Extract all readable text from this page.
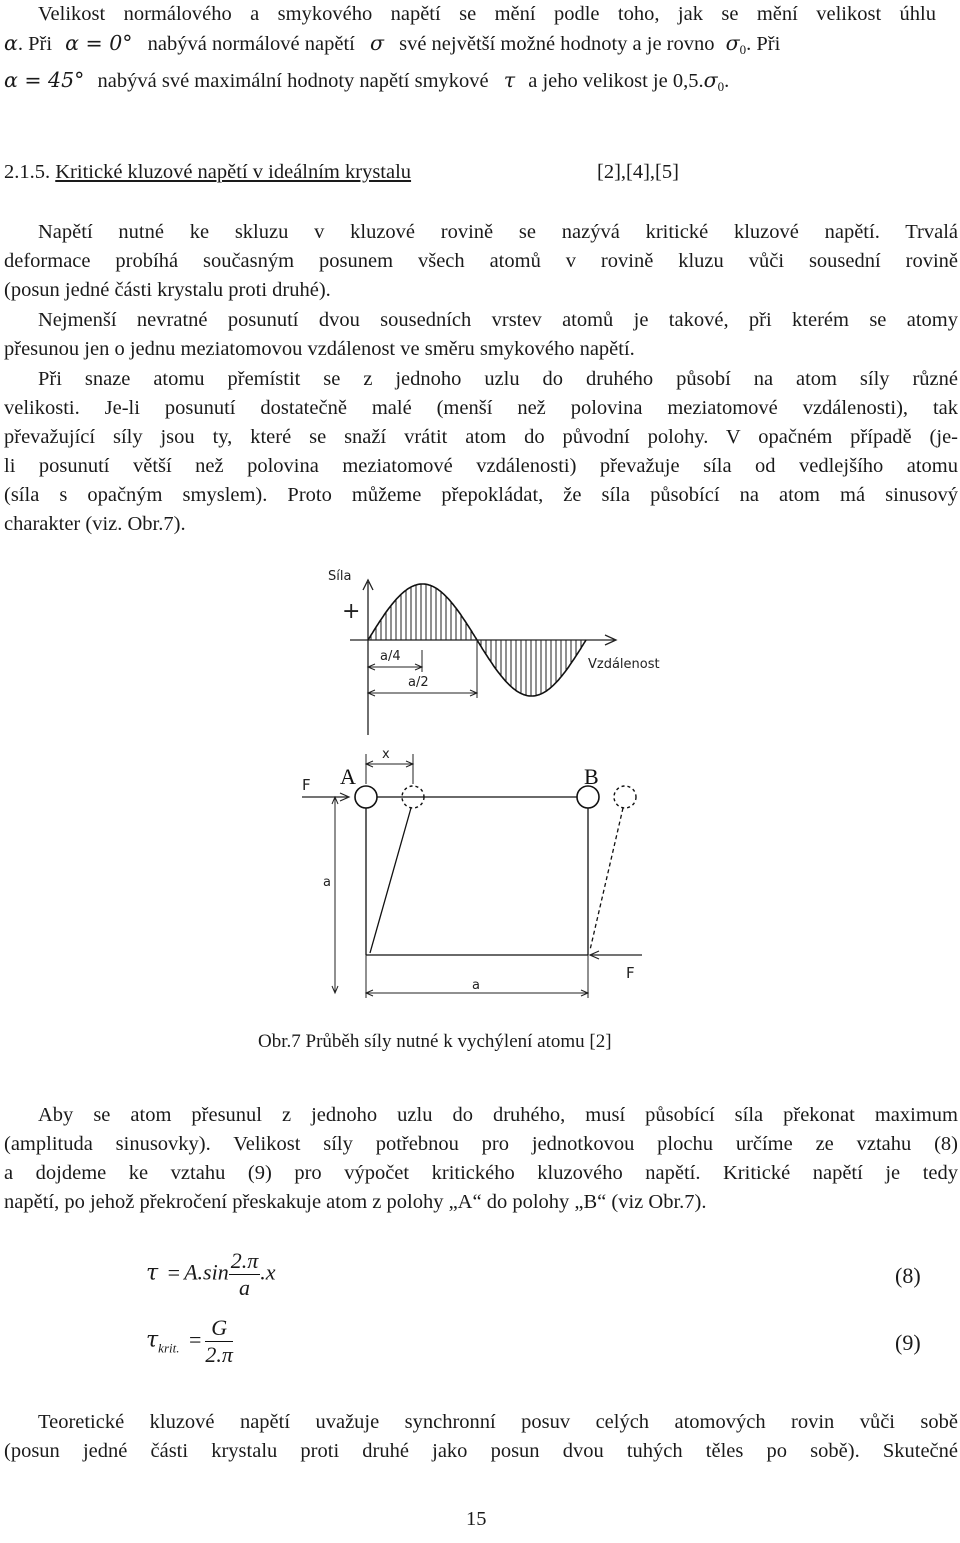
Velikost normálového a smykového napětí se mění podle toho, jak se mění velikost úhlu
α. Při α = 0° nabývá normálové napětí σ své největší možné hodnoty a je rovno $\sigma_0$. Při
α = 45° nabývá své maximální hodnoty napětí smykové τ a jeho velikost je $0,5.\sigma_0$.
2.1.5. Kritické kluzové napětí v ideálním krystalu	[2],[4],[5]
Napětí nutné ke skluzu v kluzové rovině se nazývá kritické kluzové napětí. Trvalá
deformace probíhá současným posunem všech atomů v rovině kluzu vůči sousední rovině
(posun jedné části krystalu proti druhé).
Nejmenší nevratné posunutí dvou sousedních vrstev atomů je takové, při kterém se atomy
přesunou jen o jednu meziatomovou vzdálenost ve směru smykového napětí.
Při snaze atomu přemístit se z jednoho uzlu do druhého působí na atom síly různé
velikosti. Je-li posunutí dostatečně malé (menší než polovina meziatomové vzdálenosti), tak
převažující síly jsou ty, které se snaží vrátit atom do původní polohy. V opačném případě (je-
li posunutí větší než polovina meziatomové vzdálenosti) převažuje síla od vedlejšího atomu
(síla s opačným smyslem). Proto můžeme přepokládat, že síla působící na atom má sinusový
charakter (viz. Obr.7).
Síla
+
Vzdálenost
a/4
a/2
x
A	B
F
F
a
a
Obr.7 Průběh síly nutné k vychýlení atomu [2]
Aby se atom přesunul z jednoho uzlu do druhého, musí působící síla překonat maximum
(amplituda sinusovky). Velikost síly potřebnou pro jednotkovou plochu určíme ze vztahu (8)
a dojdeme ke vztahu (9) pro výpočet kritického kluzového napětí. Kritické napětí je tedy
napětí, po jehož překročení přeskakuje atom z polohy „A“ do polohy „B“ (viz Obr.7).
$\tau = A.\sin \frac{2.\pi}{a} .x$	(8)
$\tau_{krit.} = \frac{G}{2.\pi}$	(9)
Teoretické kluzové napětí uvažuje synchronní posuv celých atomových rovin vůči sobě
(posun jedné části krystalu proti druhé jako posun dvou tuhých těles po sobě). Skutečné
15
